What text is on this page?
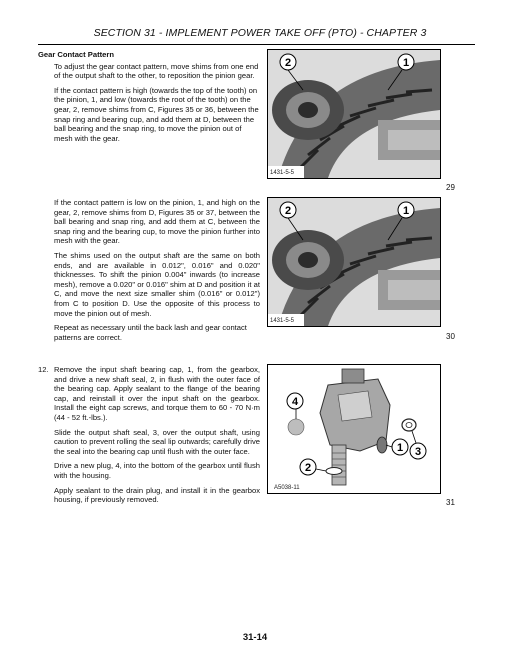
SECTION 31 - IMPLEMENT POWER TAKE OFF (PTO) - CHAPTER 3

Gear Contact Pattern

To adjust the gear contact pattern, move shims from one end of the output shaft to the other, to reposition the pinion gear.

If the contact pattern is high (towards the top of the tooth) on the pinion, 1, and low (towards the root of the tooth) on the gear, 2, remove shims from C, Figures 35 or 36, between the snap ring and bearing cup, and add them at D, between the ball bearing and the snap ring, to move the pinion out of mesh with the gear.

If the contact pattern is low on the pinion, 1, and high on the gear, 2, remove shims from D, Figures 35 or 37, between the ball bearing and snap ring, and add them at C, between the snap ring and the bearing cup, to move the pinion further into mesh with the gear.

The shims used on the output shaft are the same on both ends, and are available in 0.012", 0.016" and 0.020" thicknesses. To shift the pinion 0.004" inwards (to increase mesh), remove a 0.020" or 0.016" shim at D and position it at C, and move the next size smaller shim (0.016" or 0.012") from C to position D. Use the opposite of this process to move the pinion out of mesh.

Repeat as necessary until the back lash and gear contact patterns are correct.

12. Remove the input shaft bearing cap, 1, from the gearbox, and drive a new shaft seal, 2, in flush with the outer face of the bearing cap. Apply sealant to the flange of the bearing cap, and reinstall it over the input shaft on the gearbox. Install the eight cap screws, and torque them to 60 - 70 N·m (44 - 52 ft.-lbs.).

Slide the output shaft seal, 3, over the output shaft, using caution to prevent rolling the seal lip outwards; carefully drive the seal into the bearing cap until flush with the outer face.

Drive a new plug, 4, into the bottom of the gearbox until flush with the housing.

Apply sealant to the drain plug, and install it in the gearbox housing, if previously removed.

2	1
1431-5-5
29
2	1
1431-5-5
30
4
1 3
2
A5038-11
31
31-14
